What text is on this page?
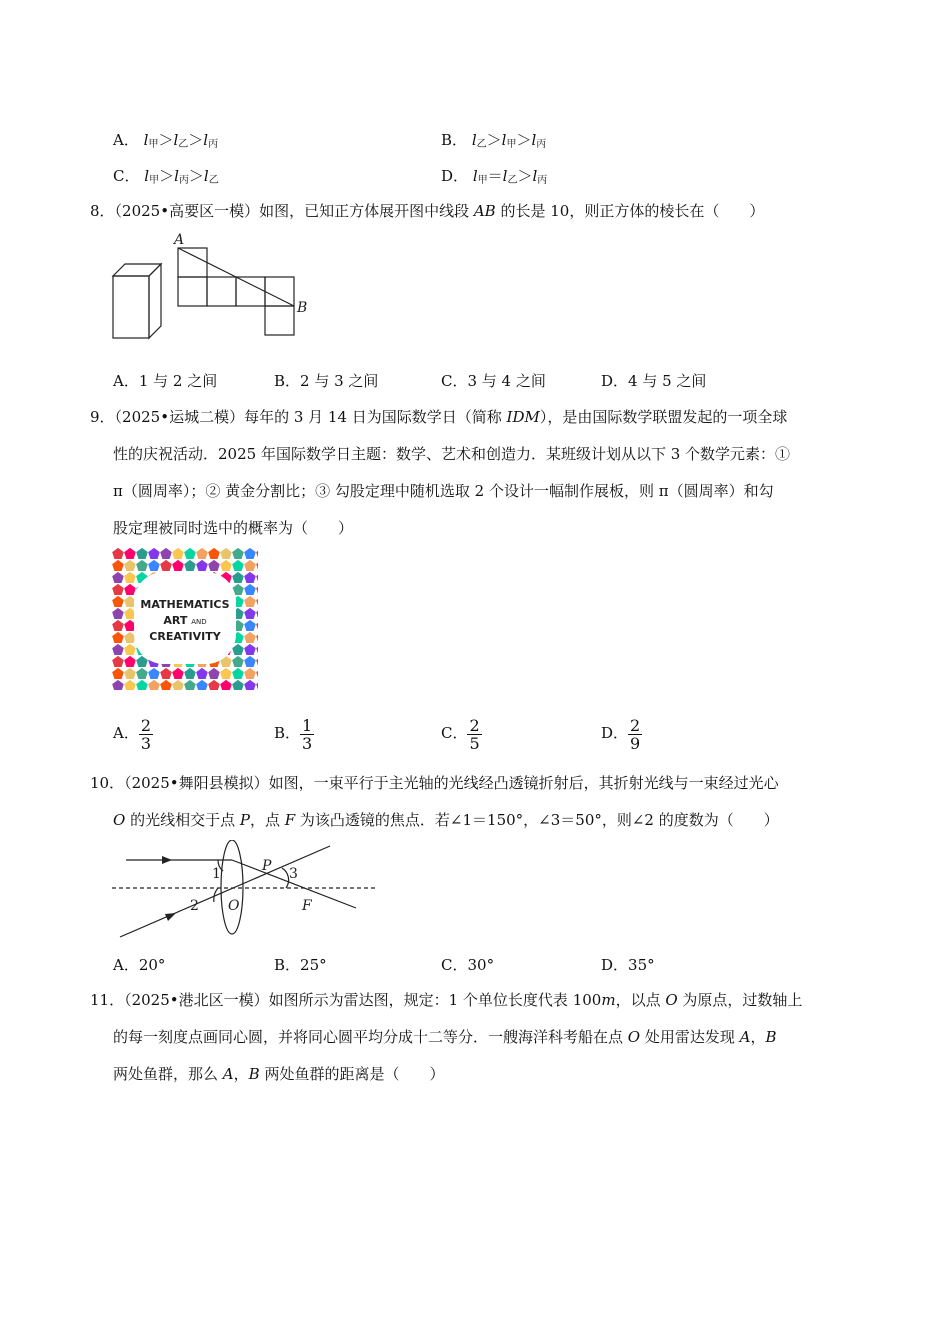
A． $l_甲>l_乙>l_丙$	B． $l_乙>l_甲>l_丙$
C． $l_甲>l_丙>l_乙$	D． $l_甲=l_乙>l_丙$
8．（2025•高要区一模）如图，已知正方体展开图中线段 AB 的长是 10，则正方体的棱长在（　　）
A
B
A．1 与 2 之间	B．2 与 3 之间	C．3 与 4 之间	D．4 与 5 之间
9．（2025•运城二模）每年的 3 月 14 日为国际数学日（简称 IDM），是由国际数学联盟发起的一项全球
性的庆祝活动．2025 年国际数学日主题：数学、艺术和创造力．某班级计划从以下 3 个数学元素：①
π（圆周率）；② 黄金分割比；③ 勾股定理中随机选取 2 个设计一幅制作展板，则 π（圆周率）和勾
股定理被同时选中的概率为（　　）
MATHEMATICS
ART AND
CREATIVITY
A． $\frac{2}{3}$	B． $\frac{1}{3}$	C． $\frac{2}{5}$	D． $\frac{2}{9}$
10．（2025•舞阳县模拟）如图，一束平行于主光轴的光线经凸透镜折射后，其折射光线与一束经过光心
O 的光线相交于点 P，点 F 为该凸透镜的焦点．若∠1＝150°，∠3＝50°，则∠2 的度数为（　　）
1
2
3
P
O	F
A．20°	B．25°	C．30°	D．35°
11．（2025•港北区一模）如图所示为雷达图，规定：1 个单位长度代表 100m，以点 O 为原点，过数轴上
的每一刻度点画同心圆，并将同心圆平均分成十二等分．一艘海洋科考船在点 O 处用雷达发现 A，B
两处鱼群，那么 A，B 两处鱼群的距离是（　　）
